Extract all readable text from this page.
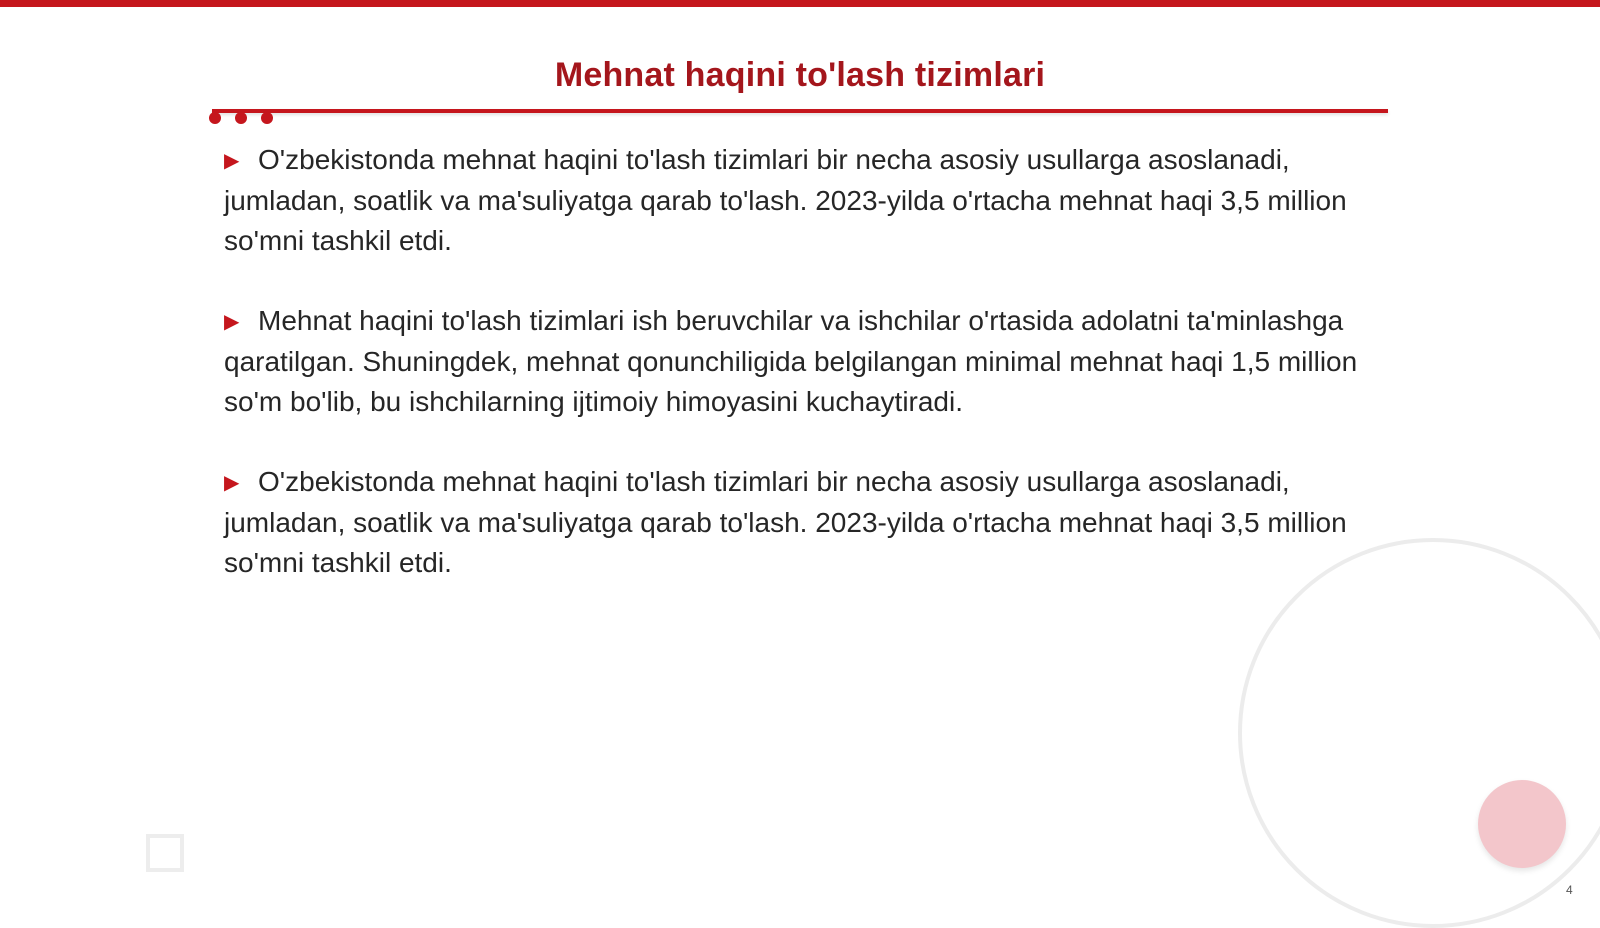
Mehnat haqini to'lash tizimlari

▶ O'zbekistonda mehnat haqini to'lash tizimlari bir necha asosiy usullarga asoslanadi, jumladan, soatlik va ma'suliyatga qarab to'lash. 2023-yilda o'rtacha mehnat haqi 3,5 million so'mni tashkil etdi.

▶ Mehnat haqini to'lash tizimlari ish beruvchilar va ishchilar o'rtasida adolatni ta'minlashga qaratilgan. Shuningdek, mehnat qonunchiligida belgilangan minimal mehnat haqi 1,5 million so'm bo'lib, bu ishchilarning ijtimoiy himoyasini kuchaytiradi.

▶ O'zbekistonda mehnat haqini to'lash tizimlari bir necha asosiy usullarga asoslanadi, jumladan, soatlik va ma'suliyatga qarab to'lash. 2023-yilda o'rtacha mehnat haqi 3,5 million so'mni tashkil etdi.

4
